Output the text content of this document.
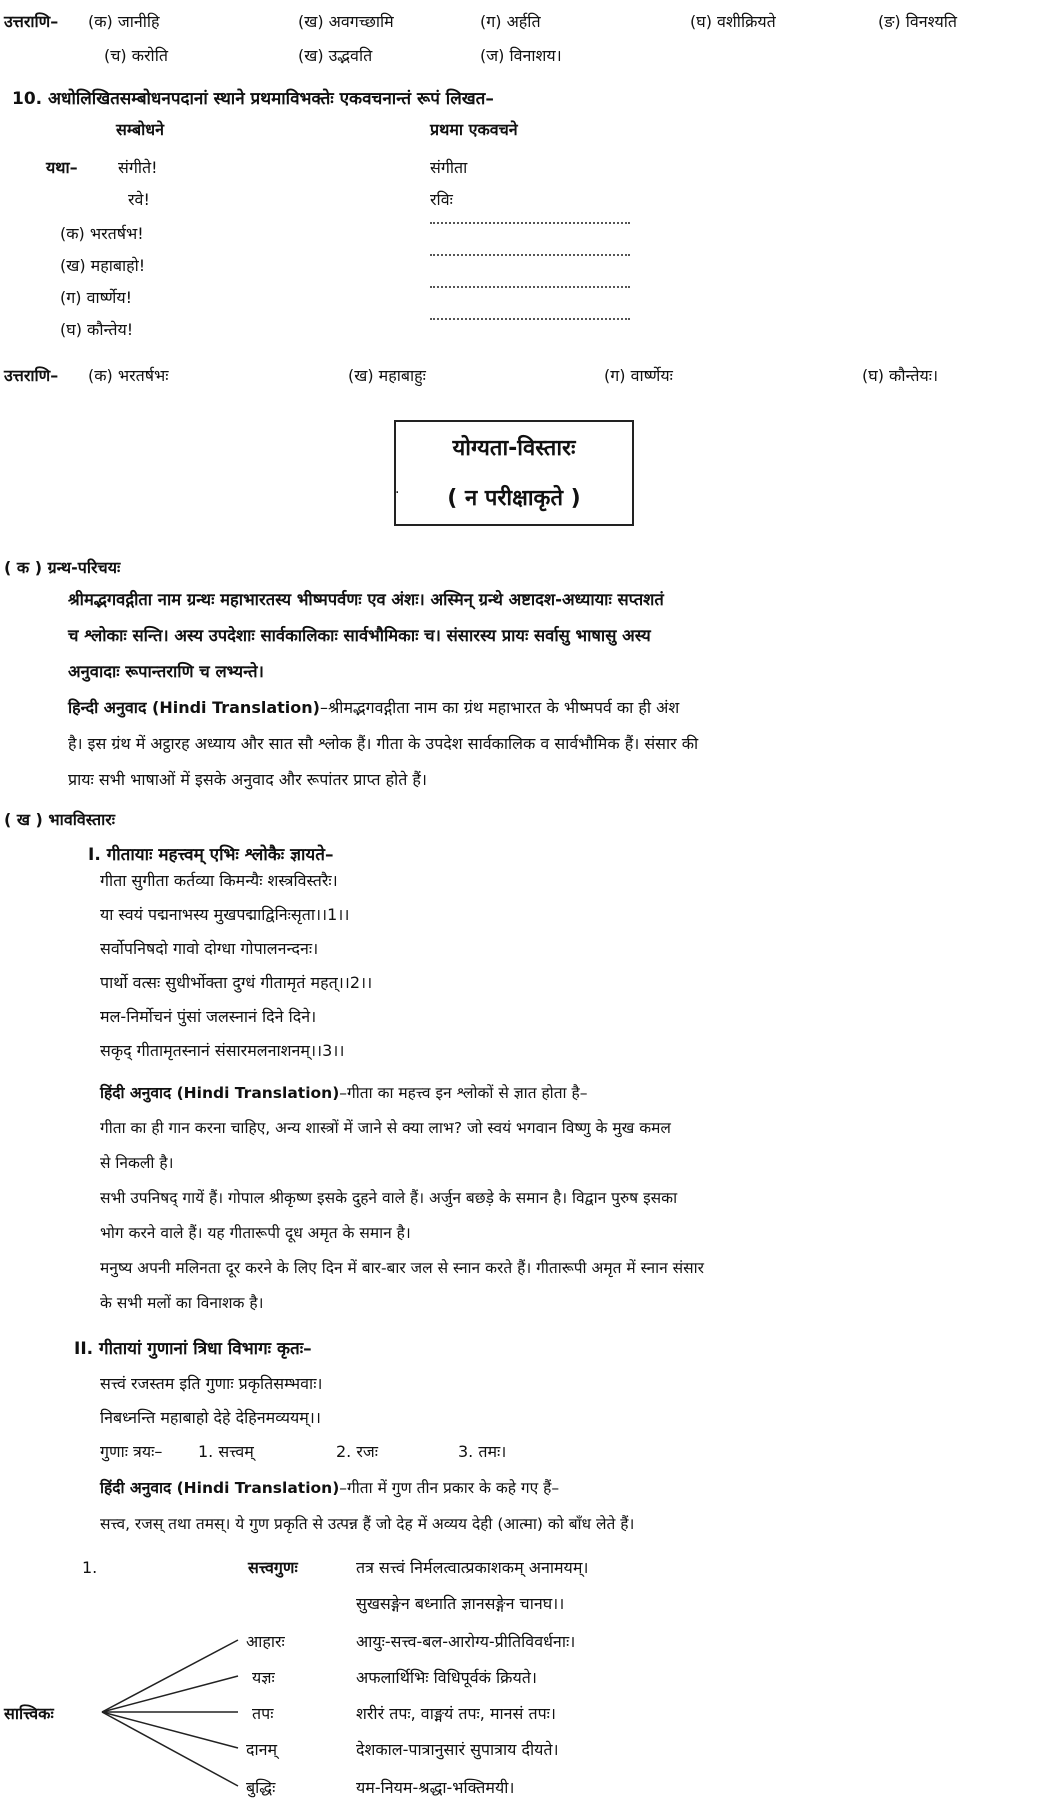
उत्तराणि– (क) जानीहि	(ख) अवगच्छामि	(ग) अर्हति	(घ) वशीक्रियते	(ङ) विनश्यति
(च) करोति	(ख) उद्भवति	(ज) विनाशय।
10. अधोलिखितसम्बोधनपदानां स्थाने प्रथमाविभक्तेः एकवचनान्तं रूपं लिखत–
सम्बोधने	प्रथमा एकवचने
यथा–	संगीते!	संगीता
रवे!	रविः
(क) भरतर्षभ!
(ख) महाबाहो!
(ग) वार्ष्णेय!
(घ) कौन्तेय!
उत्तराणि– (क) भरतर्षभः	(ख) महाबाहुः	(ग) वार्ष्णेयः	(घ) कौन्तेयः।
योग्यता-विस्तारः
( न परीक्षाकृते )
·
( क ) ग्रन्थ-परिचयः
श्रीमद्भगवद्गीता नाम ग्रन्थः महाभारतस्य भीष्मपर्वणः एव अंशः। अस्मिन् ग्रन्थे अष्टादश-अध्यायाः सप्तशतं
च श्लोकाः सन्ति। अस्य उपदेशाः सार्वकालिकाः सार्वभौमिकाः च। संसारस्य प्रायः सर्वासु भाषासु अस्य
अनुवादाः रूपान्तराणि च लभ्यन्ते।
हिन्दी अनुवाद (Hindi Translation)–श्रीमद्भगवद्गीता नाम का ग्रंथ महाभारत के भीष्मपर्व का ही अंश
है। इस ग्रंथ में अट्ठारह अध्याय और सात सौ श्लोक हैं। गीता के उपदेश सार्वकालिक व सार्वभौमिक हैं। संसार की
प्रायः सभी भाषाओं में इसके अनुवाद और रूपांतर प्राप्त होते हैं।
( ख ) भावविस्तारः
I. गीतायाः महत्त्वम् एभिः श्लोकैः ज्ञायते–
गीता सुगीता कर्तव्या किमन्यैः शस्त्रविस्तरैः।
या स्वयं पद्मनाभस्य मुखपद्माद्विनिःसृता।।1।।
सर्वोपनिषदो गावो दोग्धा गोपालनन्दनः।
पार्थो वत्सः सुधीर्भोक्ता दुग्धं गीतामृतं महत्।।2।।
मल-निर्मोचनं पुंसां जलस्नानं दिने दिने।
सकृद् गीतामृतस्नानं संसारमलनाशनम्।।3।।
हिंदी अनुवाद (Hindi Translation)–गीता का महत्त्व इन श्लोकों से ज्ञात होता है–
गीता का ही गान करना चाहिए, अन्य शास्त्रों में जाने से क्या लाभ? जो स्वयं भगवान विष्णु के मुख कमल
से निकली है।
सभी उपनिषद् गायें हैं। गोपाल श्रीकृष्ण इसके दुहने वाले हैं। अर्जुन बछड़े के समान है। विद्वान पुरुष इसका
भोग करने वाले हैं। यह गीतारूपी दूध अमृत के समान है।
मनुष्य अपनी मलिनता दूर करने के लिए दिन में बार-बार जल से स्नान करते हैं। गीतारूपी अमृत में स्नान संसार
के सभी मलों का विनाशक है।
II. गीतायां गुणानां त्रिधा विभागः कृतः–
सत्त्वं रजस्तम इति गुणाः प्रकृतिसम्भवाः।
निबध्नन्ति महाबाहो देहे देहिनमव्ययम्।।
गुणाः त्रयः– 1. सत्त्वम्	2. रजः	3. तमः।
हिंदी अनुवाद (Hindi Translation)–गीता में गुण तीन प्रकार के कहे गए हैं–
सत्त्व, रजस् तथा तमस्। ये गुण प्रकृति से उत्पन्न हैं जो देह में अव्यय देही (आत्मा) को बाँध लेते हैं।
1.	सत्त्वगुणः	तत्र सत्त्वं निर्मलत्वात्प्रकाशकम् अनामयम्।
सुखसङ्गेन बध्नाति ज्ञानसङ्गेन चानघ।।
सात्त्विकः
आहारः	आयुः-सत्त्व-बल-आरोग्य-प्रीतिविवर्धनाः।
यज्ञः	अफलार्थिभिः विधिपूर्वकं क्रियते।
तपः	शरीरं तपः, वाङ्मयं तपः, मानसं तपः।
दानम्	देशकाल-पात्रानुसारं सुपात्राय दीयते।
बुद्धिः	यम-नियम-श्रद्धा-भक्तिमयी।
